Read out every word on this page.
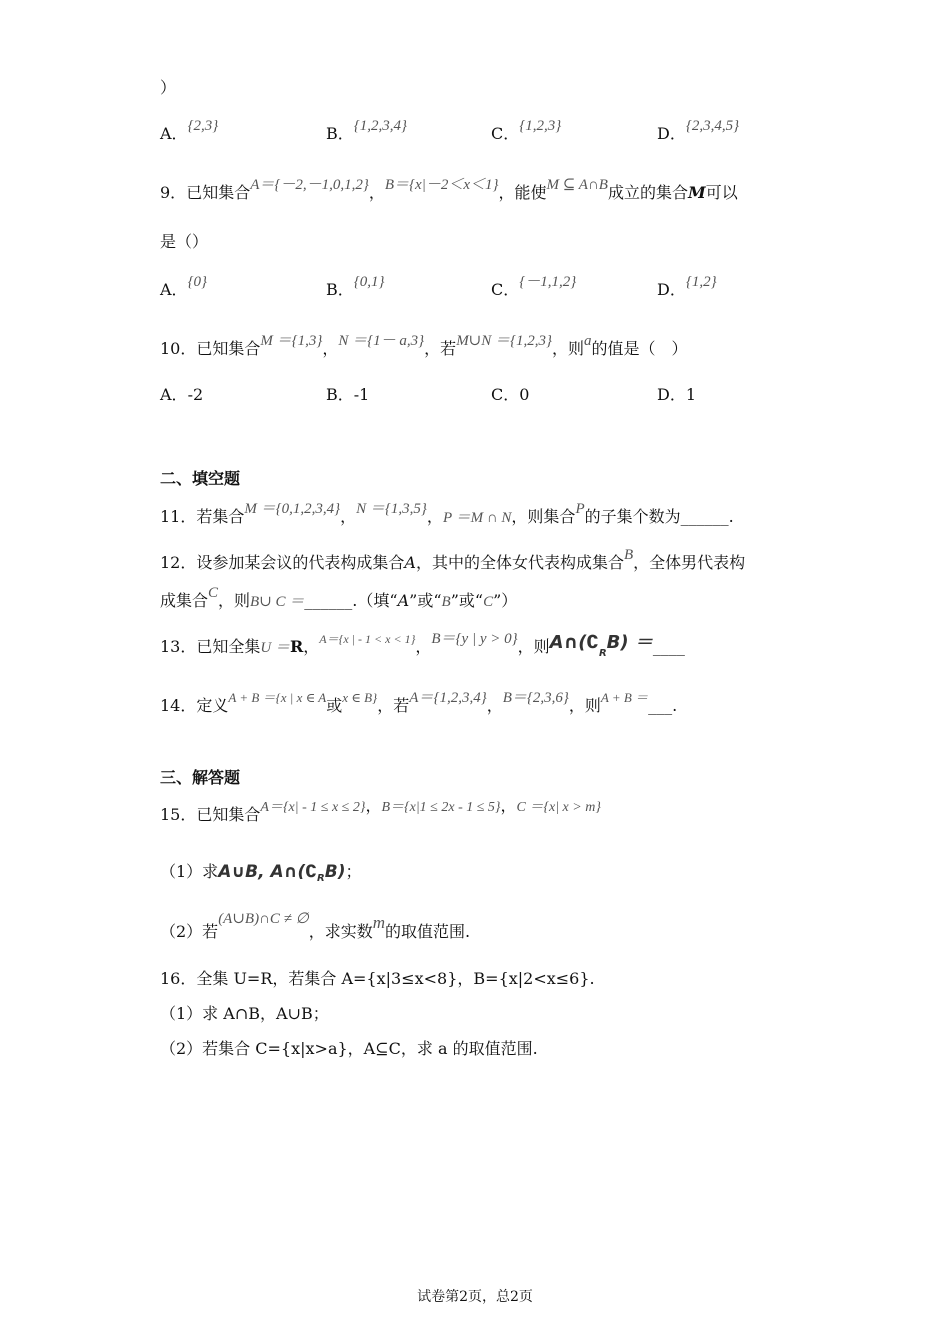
）
A．{2,3}	B．{1,2,3,4}	C．{1,2,3}	D．{2,3,4,5}
9．已知集合A＝{－2,－1,0,1,2}，B＝{x|－2＜x＜1}，能使M ⊆ A∩B成立的集合M可以
是（）
A．{0}	B．{0,1}	C．{－1,1,2}	D．{1,2}
10．已知集合M ＝{1,3}，N ＝{1－ a,3}，若M∪N ＝{1,2,3}，则a的值是（　）
A．-2	B．-1	C．0	D．1
二、填空题
11．若集合M ＝{0,1,2,3,4}，N ＝{1,3,5}，P ＝M ∩ N，则集合P的子集个数为______.
12．设参加某会议的代表构成集合A，其中的全体女代表构成集合B，全体男代表构
成集合C，则B∪ C ＝______.（填“A”或“B”或“C”）
13．已知全集U ＝R，$^{A=\{x | - 1 < x < 1\}}$，B＝{y | y > 0}，则$A\cap(∁_RB)$ ＝____
14．定义$^{A + B =\{x | x \in A}$或$^{x \in B\}}$，若A＝{1,2,3,4}，B＝{2,3,6}，则$^{A + B =}$___.
三、解答题
15．已知集合A＝{x| - 1 ≤ x ≤ 2}，B＝{x|1 ≤ 2x - 1 ≤ 5}，C ＝{x| x > m}
（1）求A∪B, $A\cap(∁_RB)$；
（2）若(A∪B)∩C ≠ ∅，求实数m的取值范围.
16．全集 U=R，若集合 A={x|3≤x<8}，B={x|2<x≤6}.
（1）求 A∩B，A∪B；
（2）若集合 C={x|x>a}，A⊆C，求 a 的取值范围.
试卷第2页，总2页
